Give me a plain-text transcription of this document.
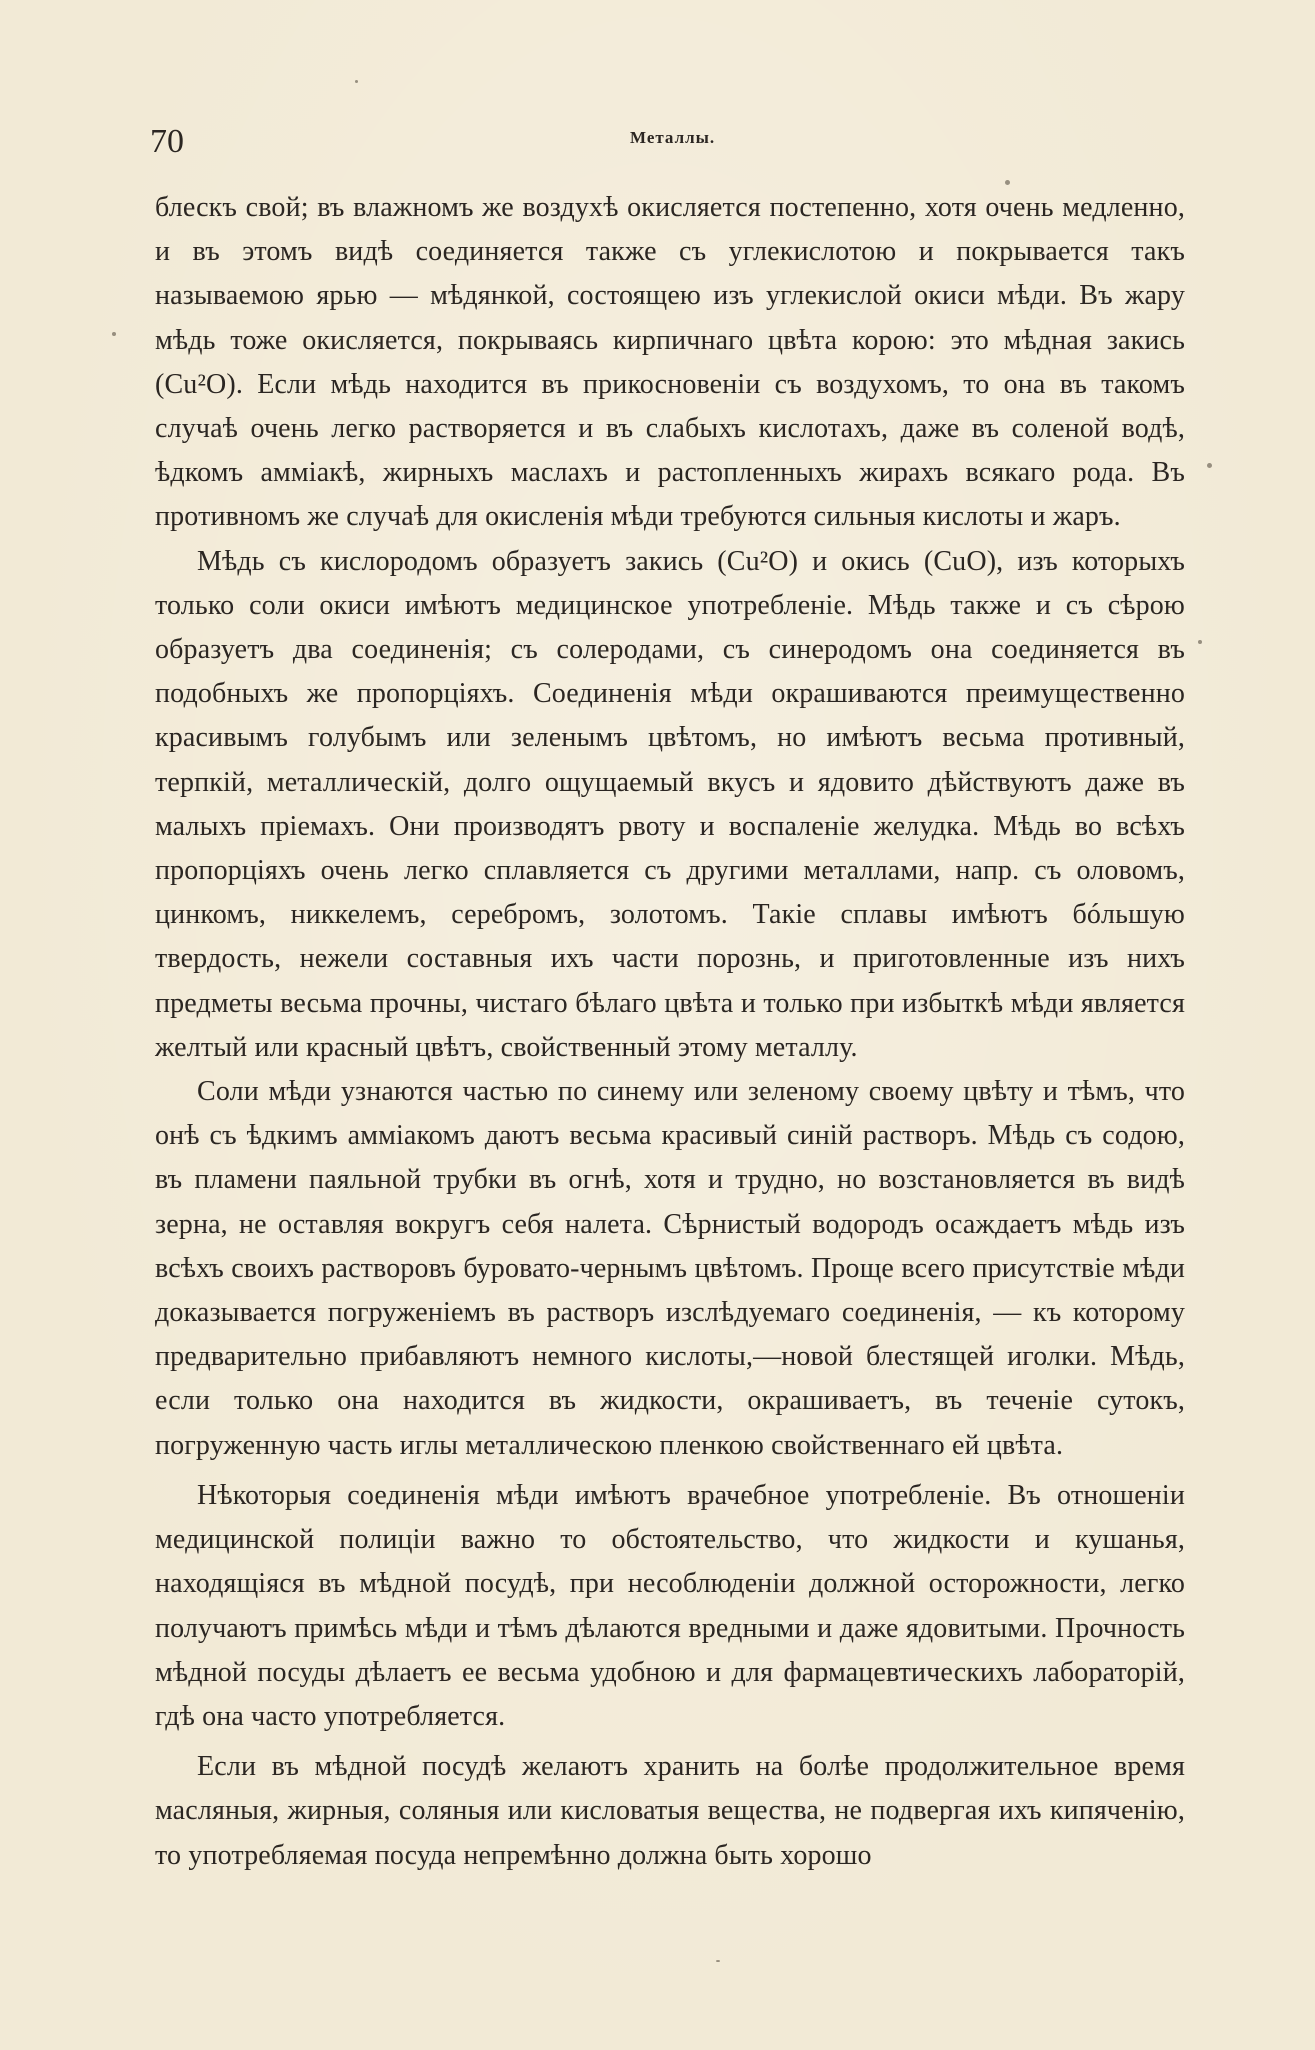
70	Металлы.

блескъ свой; въ влажномъ же воздухѣ окисляется постепенно, хотя очень медленно, и въ этомъ видѣ соединяется также съ углекислотою и покрывается такъ называемою ярью — мѣдянкой, состоящею изъ углекислой окиси мѣди. Въ жару мѣдь тоже окисляется, покрываясь кирпичнаго цвѣта корою: это мѣдная закись (Cu²O). Если мѣдь находится въ прикосновеніи съ воздухомъ, то она въ такомъ случаѣ очень легко растворяется и въ слабыхъ кислотахъ, даже въ соленой водѣ, ѣдкомъ аммiакѣ, жирныхъ маслахъ и растопленныхъ жирахъ всякаго рода. Въ противномъ же случаѣ для окисленія мѣди требуются сильныя кислоты и жаръ.

Мѣдь съ кислородомъ образуетъ закись (Cu²O) и окись (CuO), изъ которыхъ только соли окиси имѣютъ медицинское употребленіе. Мѣдь также и съ сѣрою образуетъ два соединенія; съ солеродами, съ синеродомъ она соединяется въ подобныхъ же пропорціяхъ. Соединенія мѣди окрашиваются преимущественно красивымъ голубымъ или зеленымъ цвѣтомъ, но имѣютъ весьма противный, терпкій, металлическій, долго ощущаемый вкусъ и ядовито дѣйствуютъ даже въ малыхъ пріемахъ. Они производятъ рвоту и воспаленіе желудка. Мѣдь во всѣхъ пропорціяхъ очень легко сплавляется съ другими металлами, напр. съ оловомъ, цинкомъ, никкелемъ, серебромъ, золотомъ. Такіе сплавы имѣютъ бóльшую твердость, нежели составныя ихъ части порознь, и приготовленные изъ нихъ предметы весьма прочны, чистаго бѣлаго цвѣта и только при избыткѣ мѣди является желтый или красный цвѣтъ, свойственный этому металлу.

Соли мѣди узнаются частью по синему или зеленому своему цвѣту и тѣмъ, что онѣ съ ѣдкимъ амміакомъ даютъ весьма красивый синій растворъ. Мѣдь съ содою, въ пламени паяльной трубки въ огнѣ, хотя и трудно, но возстановляется въ видѣ зерна, не оставляя вокругъ себя налета. Сѣрнистый водородъ осаждаетъ мѣдь изъ всѣхъ своихъ растворовъ буровато-чернымъ цвѣтомъ. Проще всего присутствіе мѣди доказывается погруженіемъ въ растворъ изслѣдуемаго соединенія, — къ которому предварительно прибавляютъ немного кислоты,—новой блестящей иголки. Мѣдь, если только она находится въ жидкости, окрашиваетъ, въ теченіе сутокъ, погруженную часть иглы металлическою пленкою свойственнаго ей цвѣта.

Нѣкоторыя соединенія мѣди имѣютъ врачебное употребленіе. Въ отношеніи медицинской полиціи важно то обстоятельство, что жидкости и кушанья, находящіяся въ мѣдной посудѣ, при несоблюденіи должной осторожности, легко получаютъ примѣсь мѣди и тѣмъ дѣлаются вредными и даже ядовитыми. Прочность мѣдной посуды дѣлаетъ ее весьма удобною и для фармацевтическихъ лабораторій, гдѣ она часто употребляется.

Если въ мѣдной посудѣ желаютъ хранить на болѣе продолжительное время масляныя, жирныя, соляныя или кисловатыя вещества, не подвергая ихъ кипяченію, то употребляемая посуда непремѣнно должна быть хорошо
